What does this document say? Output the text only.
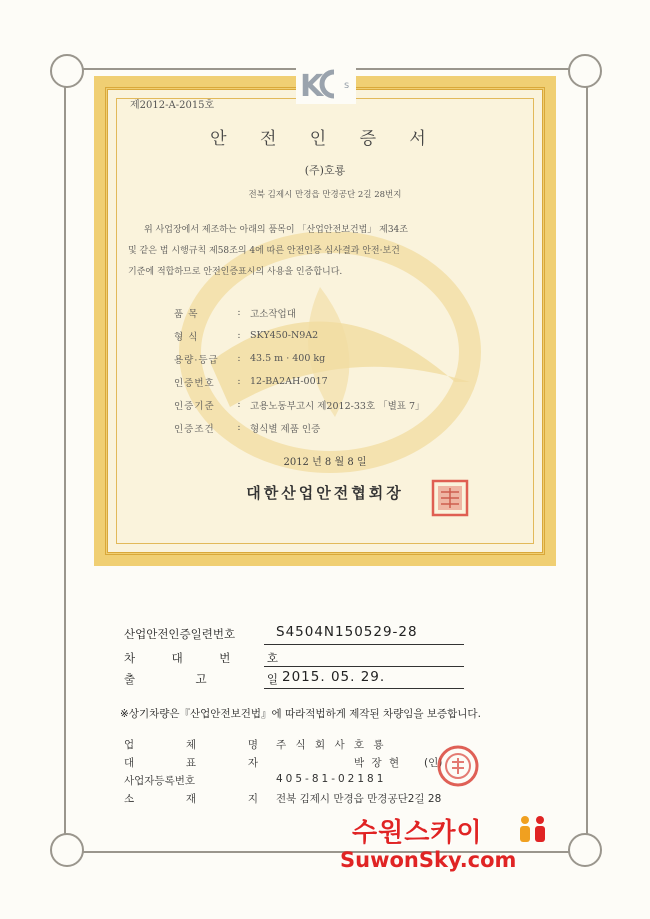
K s
제2012-A-2015호
안 전 인 증 서
(주)호룡
전북 김제시 만경읍 만경공단 2길 28번지
위 사업장에서 제조하는 아래의 품목이 「산업안전보건법」 제34조
및 같은 법 시행규칙 제58조의 4에 따른 안전인증 심사결과 안전·보건
기준에 적합하므로 안전인증표시의 사용을 인증합니다.
품 목	: 고소작업대
형 식	: SKY450-N9A2
용량·등급	: 43.5 m · 400 kg
인증번호	: 12-BA2AH-0017
인증기준	: 고용노동부고시 제2012-33호 「별표 7」
인증조건	: 형식별 제품 인증
2012 년 8 월 8 일
대한산업안전협회장
산업안전인증일련번호	S4504N150529-28
차 대 번 호
출 고 일 2015. 05. 29.
※상기차량은『산업안전보건법』에 따라적법하게 제작된 차량임을 보증합니다.
업 체 명 주 식 회 사 호 룡
대 표 자	박 장 현 (인)
사업자등록번호	405-81-02181
소 재 지 전북 김제시 만경읍 만경공단2길 28
수원스카이
SuwonSky.com
